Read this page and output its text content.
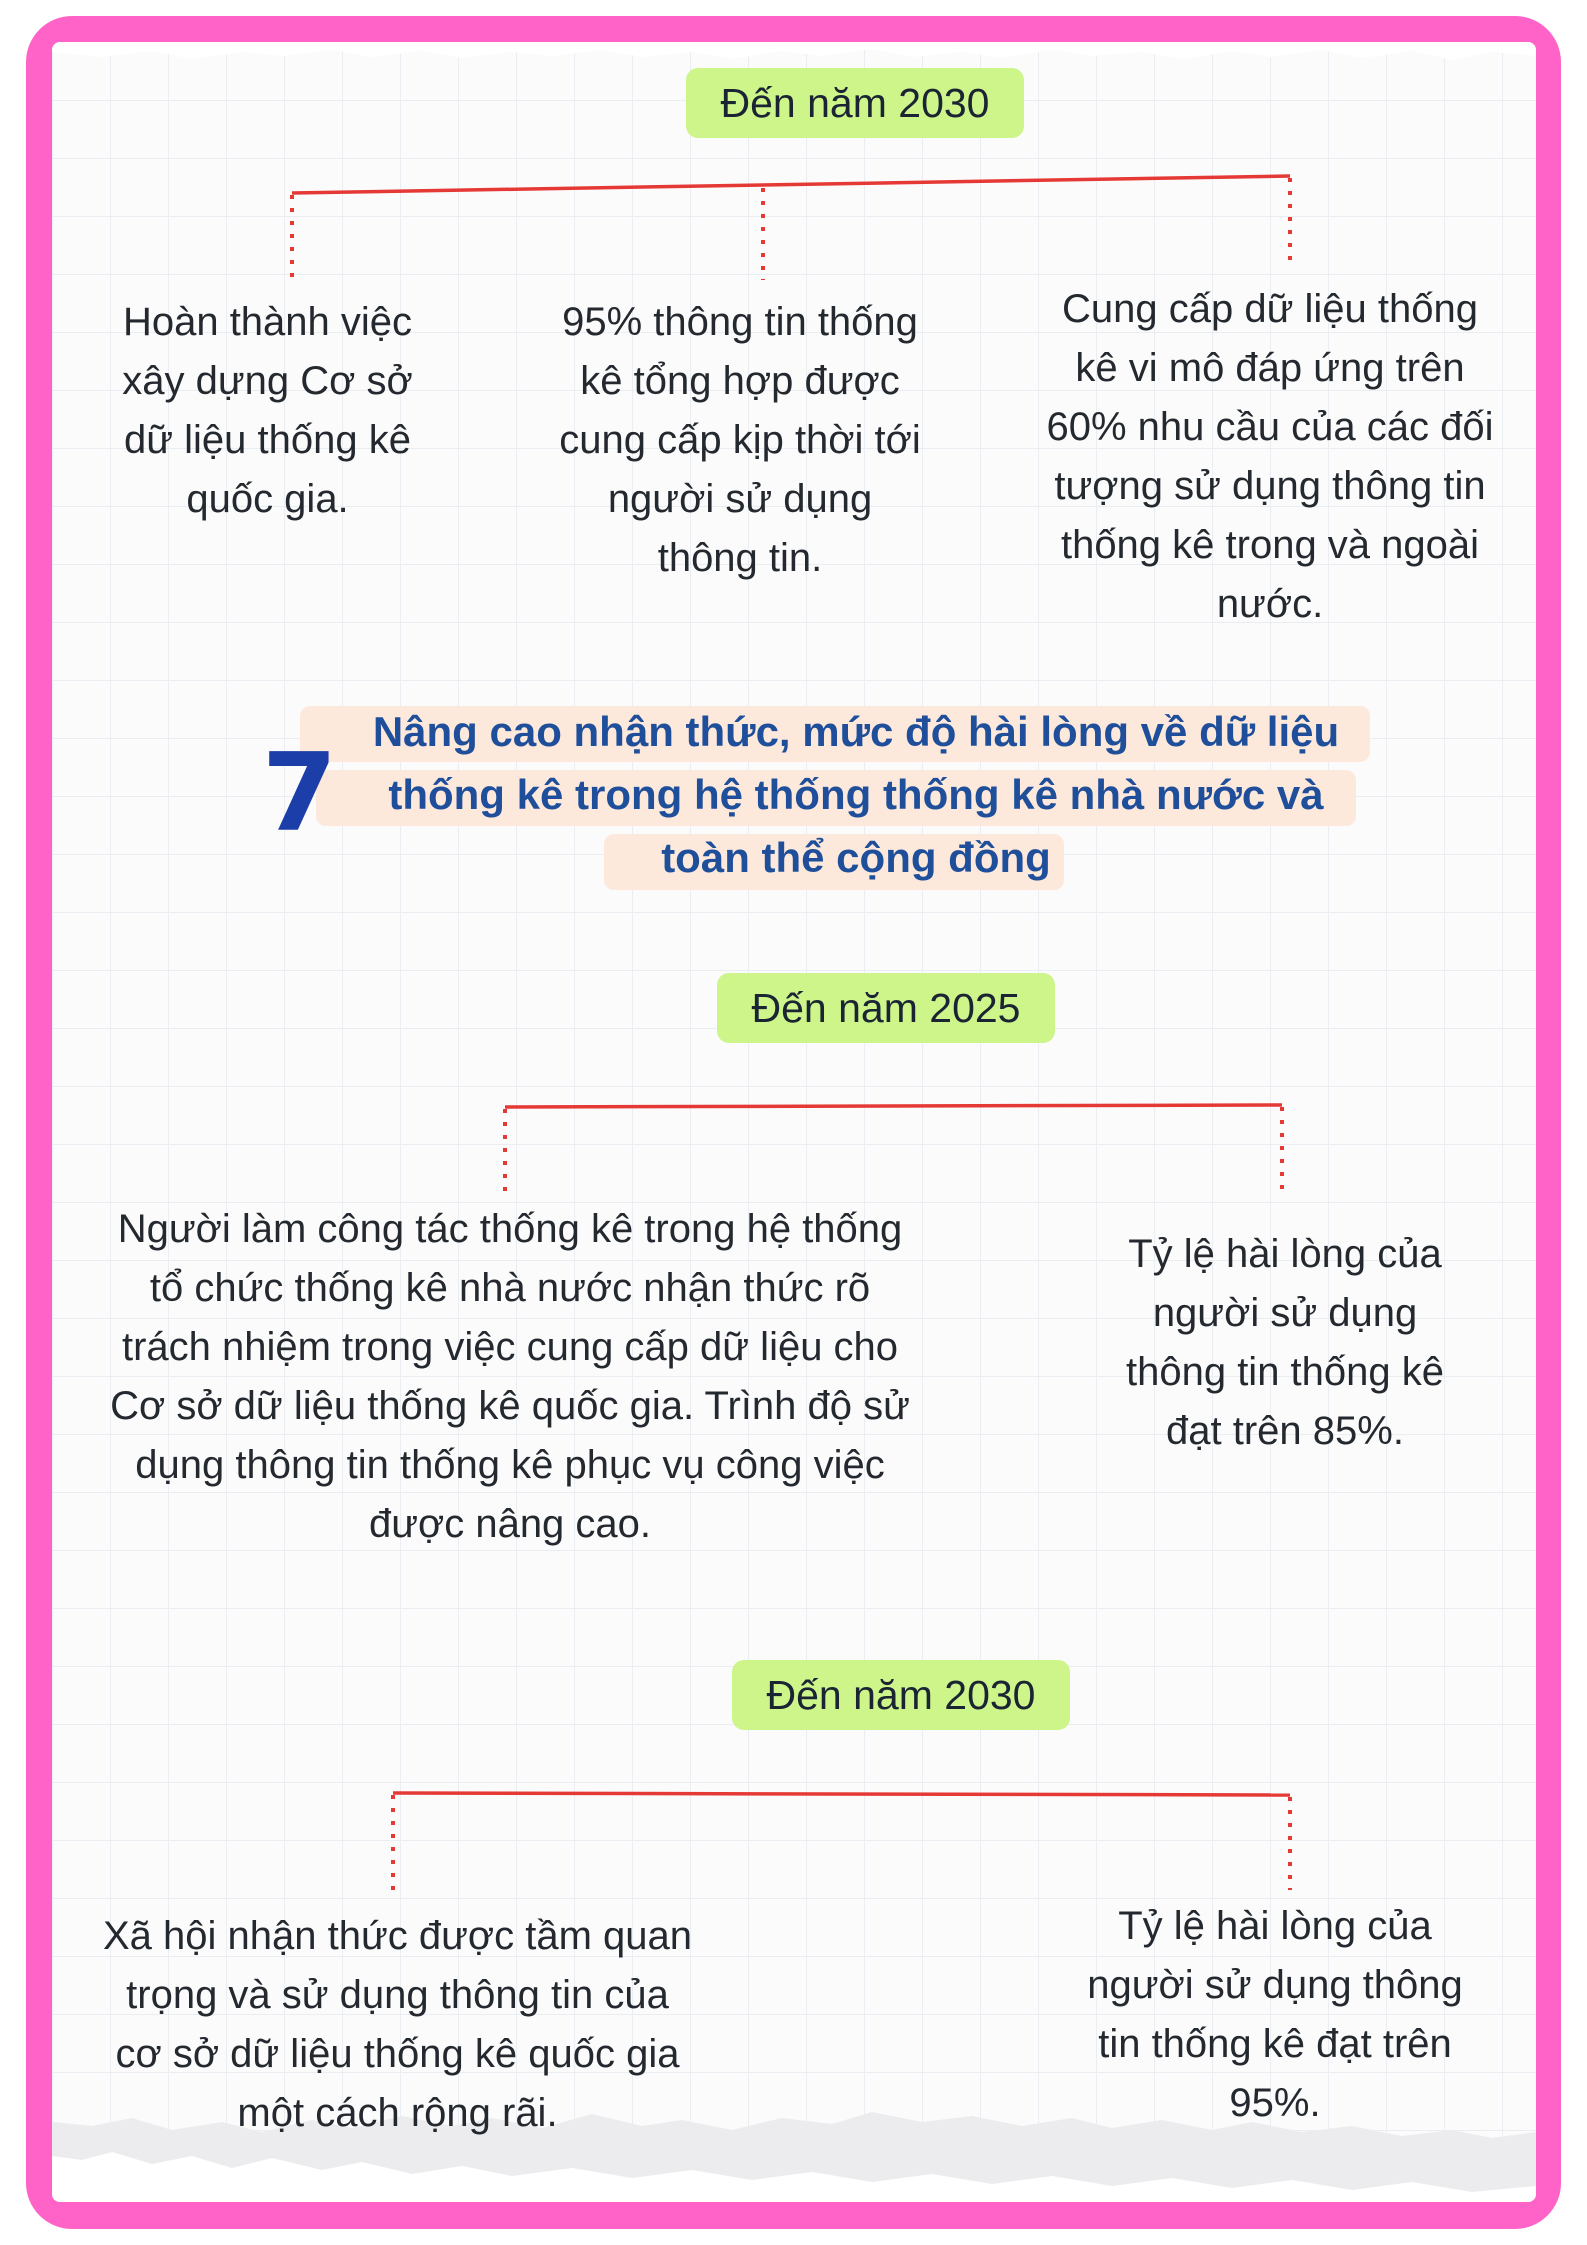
Đến năm 2030
Hoàn thành việc xây dựng Cơ sở dữ liệu thống kê quốc gia.
95% thông tin thống kê tổng hợp được cung cấp kịp thời tới người sử dụng thông tin.
Cung cấp dữ liệu thống kê vi mô đáp ứng trên 60% nhu cầu của các đối tượng sử dụng thông tin thống kê trong và ngoài nước.
7 Nâng cao nhận thức, mức độ hài lòng về dữ liệu
thống kê trong hệ thống thống kê nhà nước và
toàn thể cộng đồng
Đến năm 2025
Người làm công tác thống kê trong hệ thống tổ chức thống kê nhà nước nhận thức rõ trách nhiệm trong việc cung cấp dữ liệu cho Cơ sở dữ liệu thống kê quốc gia. Trình độ sử dụng thông tin thống kê phục vụ công việc được nâng cao.
Tỷ lệ hài lòng của người sử dụng thông tin thống kê đạt trên 85%.
Đến năm 2030
Xã hội nhận thức được tầm quan trọng và sử dụng thông tin của cơ sở dữ liệu thống kê quốc gia một cách rộng rãi.
Tỷ lệ hài lòng của người sử dụng thông tin thống kê đạt trên 95%.
